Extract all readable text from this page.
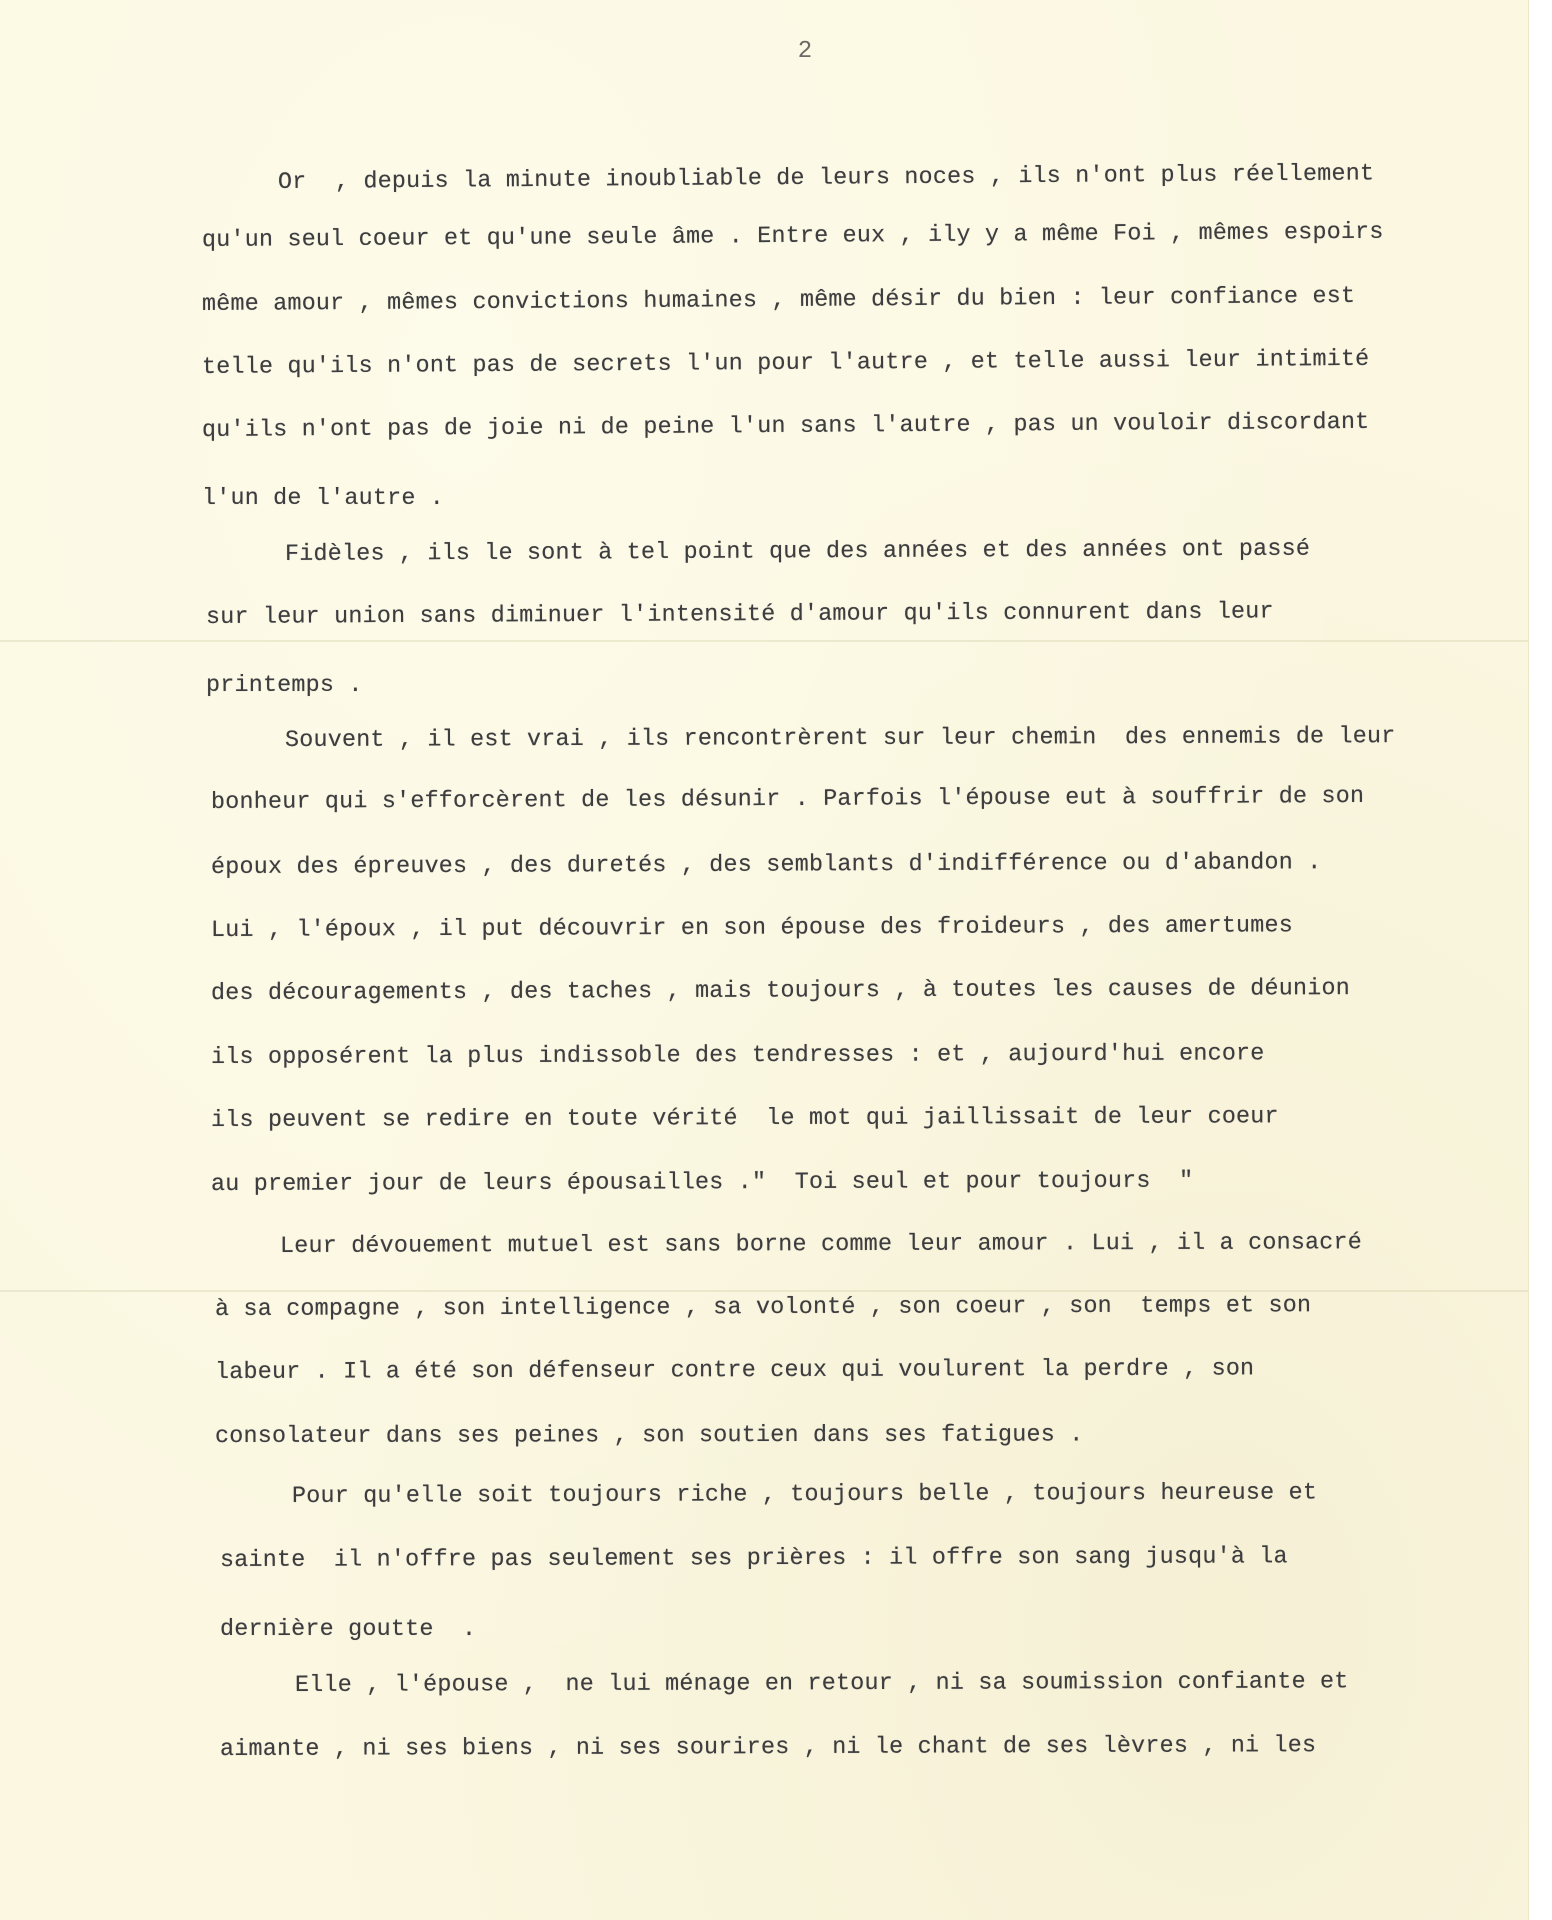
2
Or  , depuis la minute inoubliable de leurs noces , ils n'ont plus réellement
qu'un seul coeur et qu'une seule âme . Entre eux , ily y a même Foi , mêmes espoirs
même amour , mêmes convictions humaines , même désir du bien : leur confiance est
telle qu'ils n'ont pas de secrets l'un pour l'autre , et telle aussi leur intimité
qu'ils n'ont pas de joie ni de peine l'un sans l'autre , pas un vouloir discordant
l'un de l'autre .
Fidèles , ils le sont à tel point que des années et des années ont passé
sur leur union sans diminuer l'intensité d'amour qu'ils connurent dans leur
printemps .
Souvent , il est vrai , ils rencontrèrent sur leur chemin  des ennemis de leur
bonheur qui s'efforcèrent de les désunir . Parfois l'épouse eut à souffrir de son
époux des épreuves , des duretés , des semblants d'indifférence ou d'abandon .
Lui , l'époux , il put découvrir en son épouse des froideurs , des amertumes
des découragements , des taches , mais toujours , à toutes les causes de déunion
ils opposérent la plus indissoble des tendresses : et , aujourd'hui encore
ils peuvent se redire en toute vérité  le mot qui jaillissait de leur coeur
au premier jour de leurs épousailles ."  Toi seul et pour toujours  "
Leur dévouement mutuel est sans borne comme leur amour . Lui , il a consacré
à sa compagne , son intelligence , sa volonté , son coeur , son  temps et son
labeur . Il a été son défenseur contre ceux qui voulurent la perdre , son
consolateur dans ses peines , son soutien dans ses fatigues .
Pour qu'elle soit toujours riche , toujours belle , toujours heureuse et
sainte  il n'offre pas seulement ses prières : il offre son sang jusqu'à la
dernière goutte  .
Elle , l'épouse ,  ne lui ménage en retour , ni sa soumission confiante et
aimante , ni ses biens , ni ses sourires , ni le chant de ses lèvres , ni les
